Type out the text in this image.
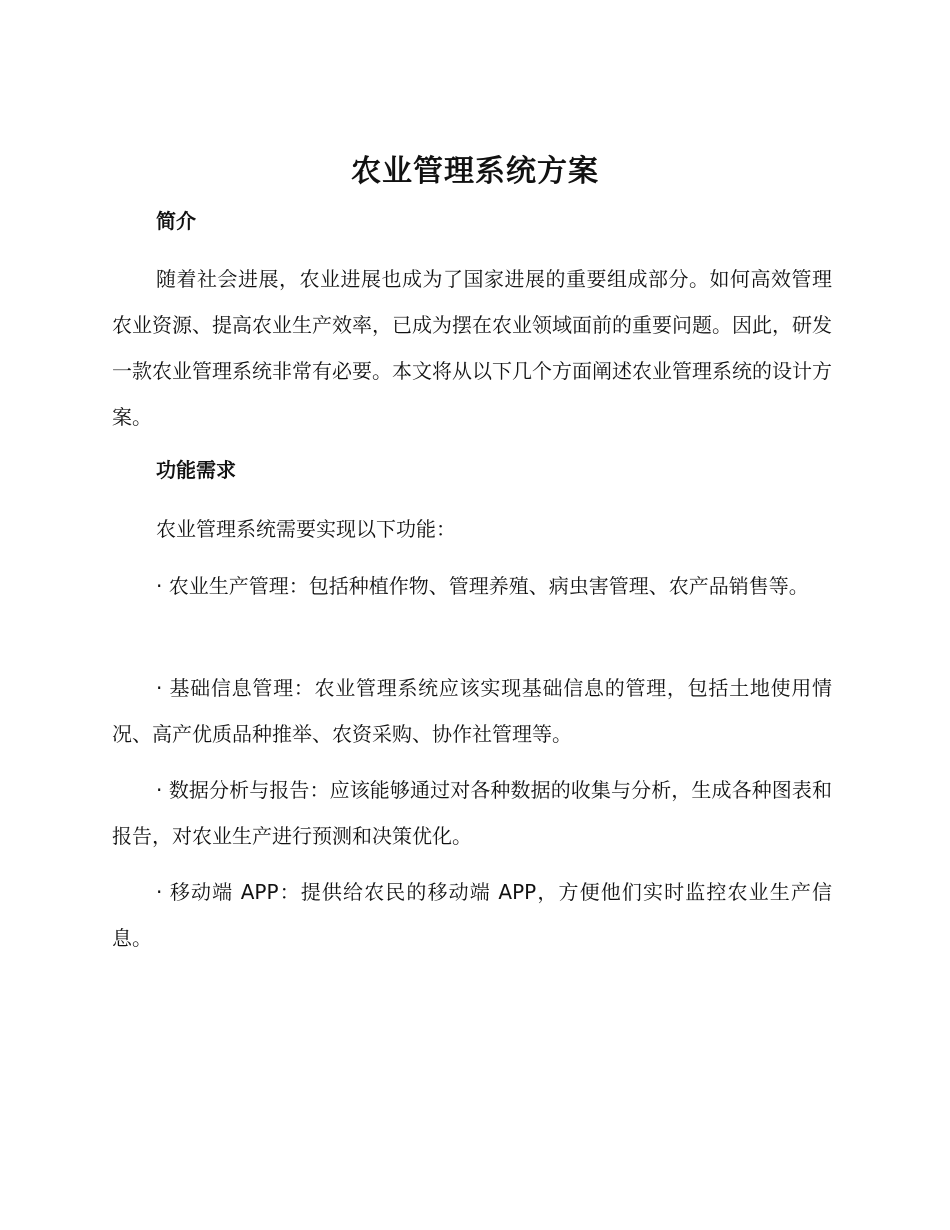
农业管理系统方案
简介
随着社会进展，农业进展也成为了国家进展的重要组成部分。如何高效管理农业资源、提高农业生产效率，已成为摆在农业领域面前的重要问题。因此，研发一款农业管理系统非常有必要。本文将从以下几个方面阐述农业管理系统的设计方案。
功能需求
农业管理系统需要实现以下功能：
· 农业生产管理：包括种植作物、管理养殖、病虫害管理、农产品销售等。
· 基础信息管理：农业管理系统应该实现基础信息的管理，包括土地使用情况、高产优质品种推举、农资采购、协作社管理等。
· 数据分析与报告：应该能够通过对各种数据的收集与分析，生成各种图表和报告，对农业生产进行预测和决策优化。
· 移动端 APP：提供给农民的移动端 APP，方便他们实时监控农业生产信息。
